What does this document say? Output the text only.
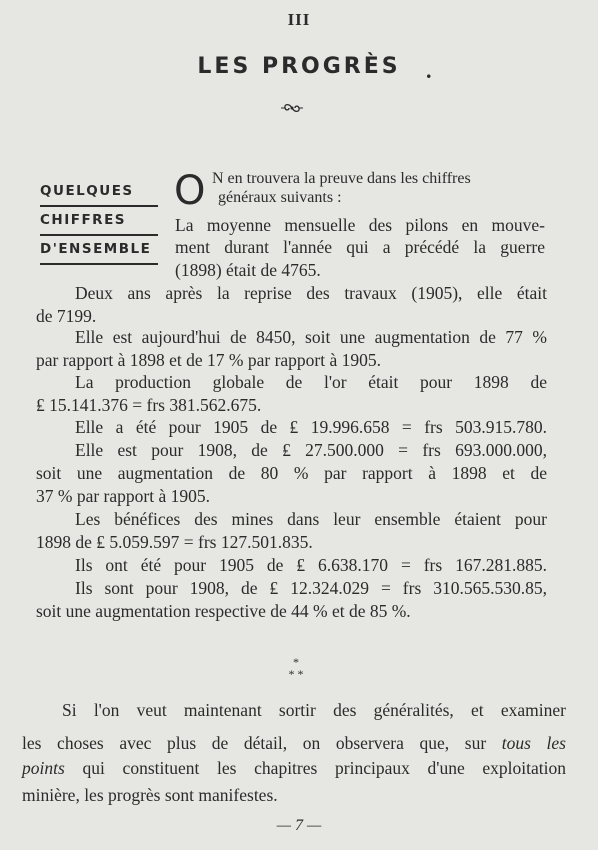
III
LES PROGRÈS	.
QUELQUES
CHIFFRES
D'ENSEMBLE
O N en trouvera la preuve dans les chiffres
généraux suivants :
La moyenne mensuelle des pilons en mouve-
ment durant l'année qui a précédé la guerre
(1898) était de 4765.
Deux ans après la reprise des travaux (1905), elle était
de 7199.
Elle est aujourd'hui de 8450, soit une augmentation de 77 %
par rapport à 1898 et de 17 % par rapport à 1905.
La production globale de l'or était pour 1898 de
₤ 15.141.376 = frs 381.562.675.
Elle a été pour 1905 de ₤ 19.996.658 = frs 503.915.780.
Elle est pour 1908, de ₤ 27.500.000 = frs 693.000.000,
soit une augmentation de 80 % par rapport à 1898 et de
37 % par rapport à 1905.
Les bénéfices des mines dans leur ensemble étaient pour
1898 de ₤ 5.059.597 = frs 127.501.835.
Ils ont été pour 1905 de ₤ 6.638.170 = frs 167.281.885.
Ils sont pour 1908, de ₤ 12.324.029 = frs 310.565.530.85,
soit une augmentation respective de 44 % et de 85 %.
*
* *
Si l'on veut maintenant sortir des généralités, et examiner
les choses avec plus de détail, on observera que, sur tous les
points qui constituent les chapitres principaux d'une exploitation
minière, les progrès sont manifestes.
— 7 —
